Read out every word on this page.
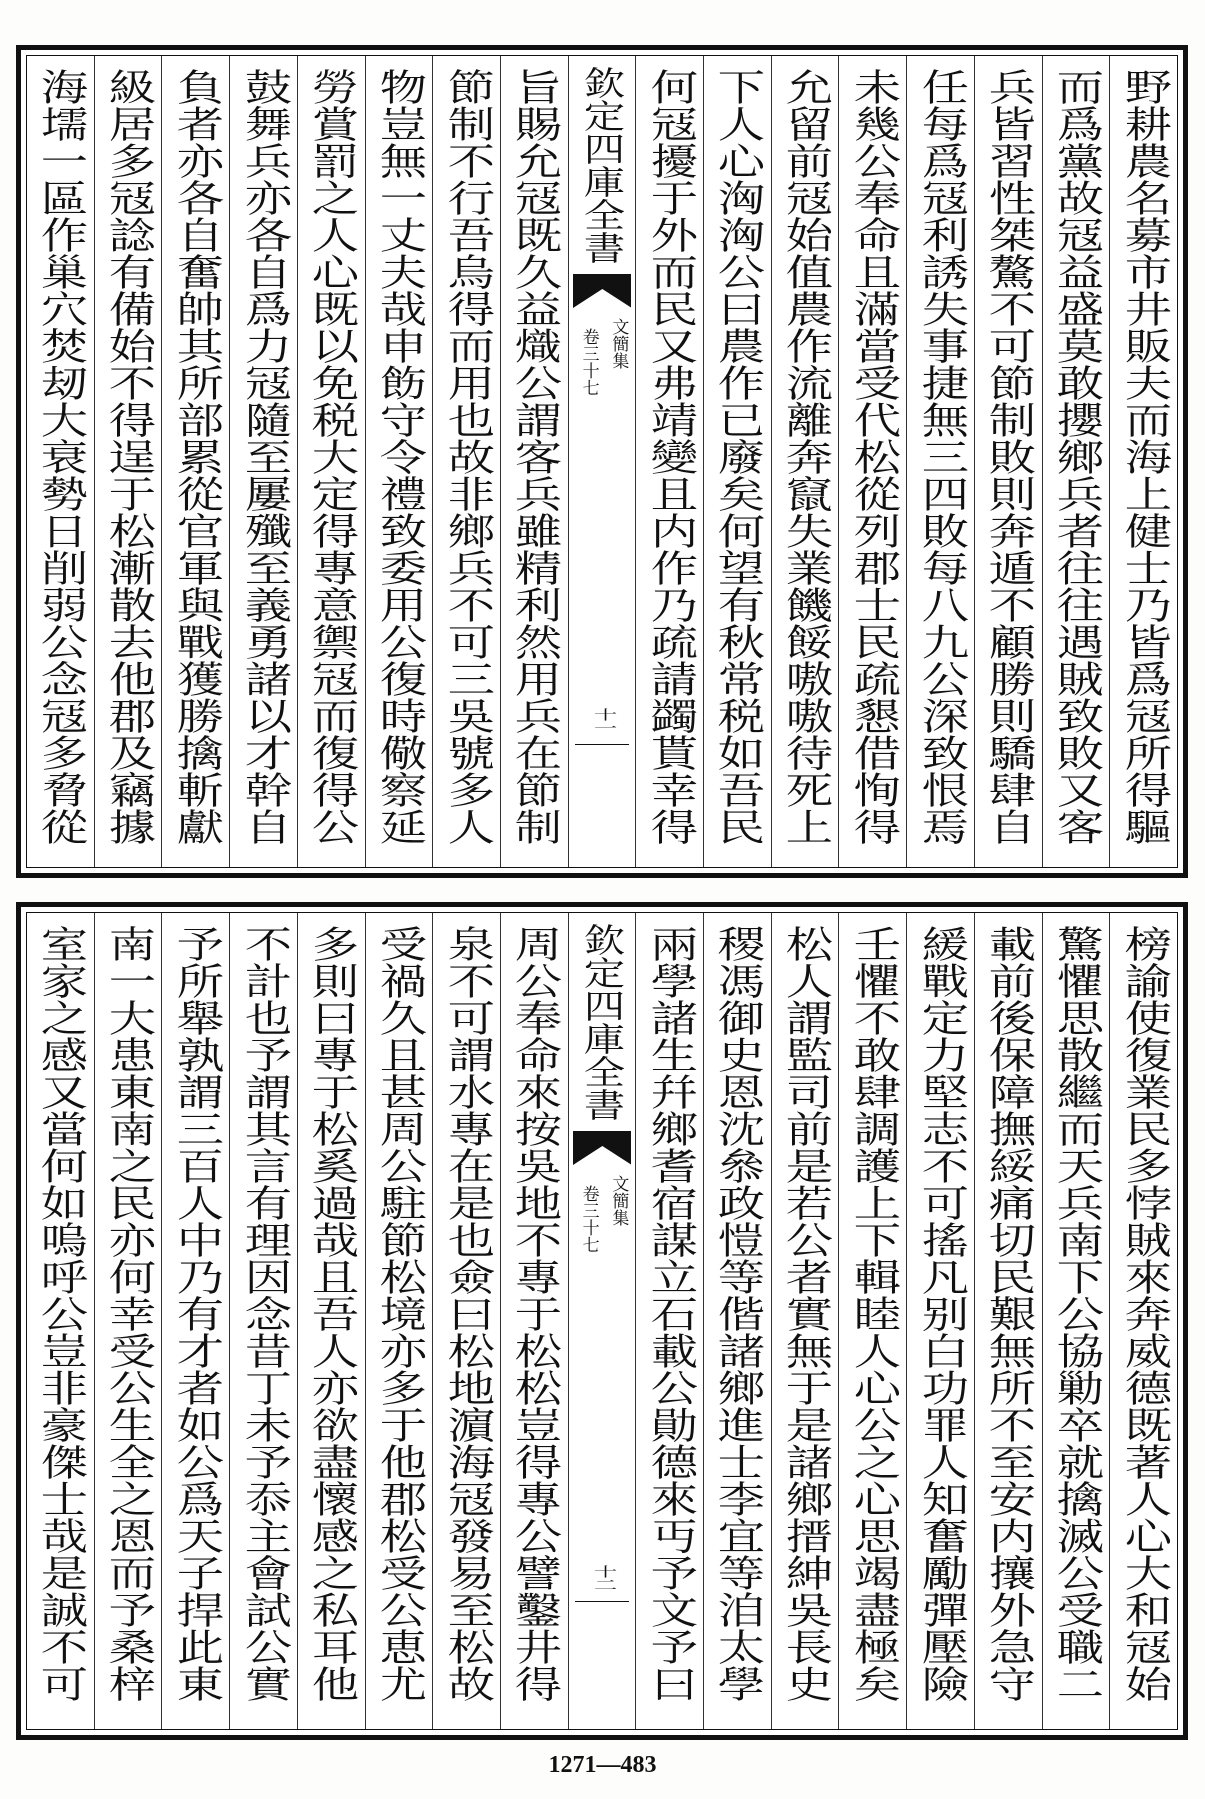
野耕農名募市井販夫而海上健士乃皆爲冦所得驅
而爲黨故冦益盛莫敢攖鄉兵者往往遇賊致敗又客
兵皆習性桀驁不可節制敗則奔遁不顧勝則驕肆自
任每爲冦利誘失事捷無三四敗每八九公深致恨焉
未幾公奉命且滿當受代松從列郡士民疏懇借恂得
允留前冦始值農作流離奔竄失業饑餒嗷嗷待死上
下人心洶洶公曰農作已廢矣何望有秋常税如吾民
何冦擾于外而民又弗靖變且内作乃疏請蠲貰幸得
欽定四庫全書
文簡集
卷三十七
十一
旨賜允冦既久益熾公謂客兵雖精利然用兵在節制
節制不行吾烏得而用也故非鄉兵不可三吳號多人
物豈無一丈夫哉申飭守令禮致委用公復時儆察延
勞賞罰之人心既以免税大定得專意禦冦而復得公
鼓舞兵亦各自爲力冦隨至屢殲至義勇諸以才幹自
負者亦各自奮帥其所部累從官軍與戰獲勝擒斬獻
級居多冦諗有備始不得逞于松漸散去他郡及竊據
海壖一區作巢穴焚刼大衰勢日削弱公念冦多脅從
榜諭使復業民多悖賊來奔威德既著人心大和冦始
驚懼思散繼而天兵南下公協勦卒就擒滅公受職二
載前後保障撫綏痛切民艱無所不至安内攘外急守
緩戰定力堅志不可搖凡别白功罪人知奮勵彈壓險
壬懼不敢肆調護上下輯睦人心公之心思竭盡極矣
松人謂監司前是若公者實無于是諸鄉搢紳吳長史
稷馮御史恩沈叅政愷等偕諸鄉進士李宜等洎太學
兩學諸生幷鄉耆宿謀立石載公勛德來丏予文予曰
欽定四庫全書
文簡集
卷三十七
十二
周公奉命來按吳地不專于松松豈得專公譬鑿井得
泉不可謂水專在是也僉曰松地濵海冦發易至松故
受禍久且甚周公駐節松境亦多于他郡松受公恵尤
多則曰專于松奚過哉且吾人亦欲盡懷感之私耳他
不計也予謂其言有理因念昔丁未予忝主會試公實
予所舉孰謂三百人中乃有才者如公爲天子捍此東
南一大患東南之民亦何幸受公生全之恩而予桑梓
室家之感又當何如嗚呼公豈非豪傑士哉是誠不可
1271—483
